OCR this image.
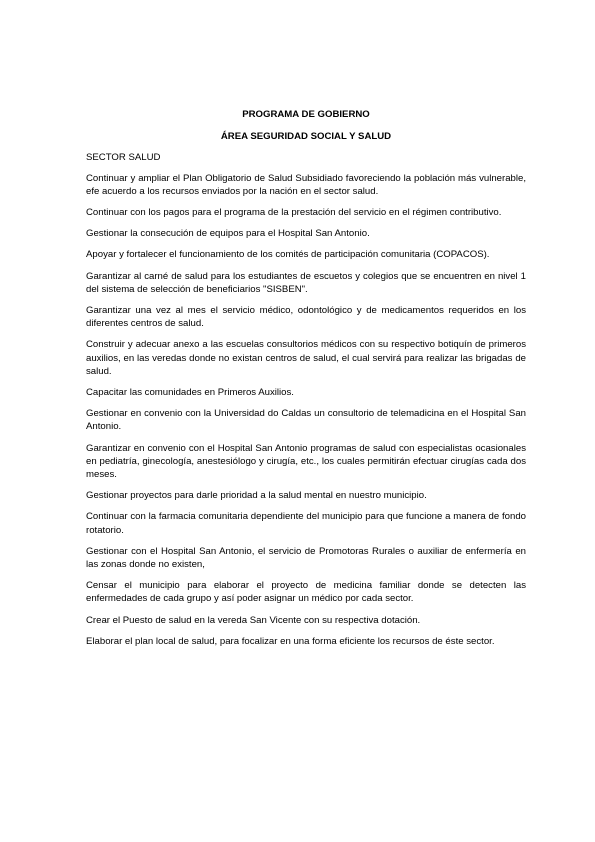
PROGRAMA DE GOBIERNO

ÁREA SEGURIDAD SOCIAL Y SALUD

SECTOR SALUD

Continuar y ampliar el Plan Obligatorio de Salud Subsidiado favoreciendo la población más vulnerable, efe acuerdo a los recursos enviados por la nación en el sector salud.

Continuar con los pagos para el programa de la prestación del servicio en el régimen contributivo.

Gestionar la consecución de equipos para el Hospital San Antonio.

Apoyar y fortalecer el funcionamiento de los comités de participación comunitaria (COPACOS).

Garantizar al carné de salud para los estudiantes de escuetos y colegios que se encuentren en nivel 1 del sistema de selección de beneficiarios "SISBEN".

Garantizar una vez al mes el servicio médico, odontológico y de medicamentos requeridos en los diferentes centros de salud.

Construir y adecuar anexo a las escuelas consultorios médicos con su respectivo botiquín de primeros auxilios, en las veredas donde no existan centros de salud, el cual servirá para realizar las brigadas de salud.

Capacitar las comunidades en Primeros Auxilios.

Gestionar en convenio con la Universidad do Caldas un consultorio de telemadicina en el Hospital San Antonio.

Garantizar en convenio con el Hospital San Antonio programas de salud con especialistas ocasionales en pediatría, ginecología, anestesiólogo y cirugía, etc., los cuales permitirán efectuar cirugías cada dos meses.

Gestionar proyectos para darle prioridad a la salud mental en nuestro municipio.

Continuar con la farmacia comunitaria dependiente del municipio para que funcione a manera de fondo rotatorio.

Gestionar con el Hospital San Antonio, el servicio de Promotoras Rurales o auxiliar de enfermería en las zonas donde no existen,

Censar el municipio para elaborar el proyecto de medicina familiar donde se detecten las enfermedades de cada grupo y así poder asignar un médico por cada sector.

Crear el Puesto de salud en la vereda San Vicente con su respectiva dotación.

Elaborar el plan local de salud, para focalizar en una forma eficiente los recursos de éste sector.
